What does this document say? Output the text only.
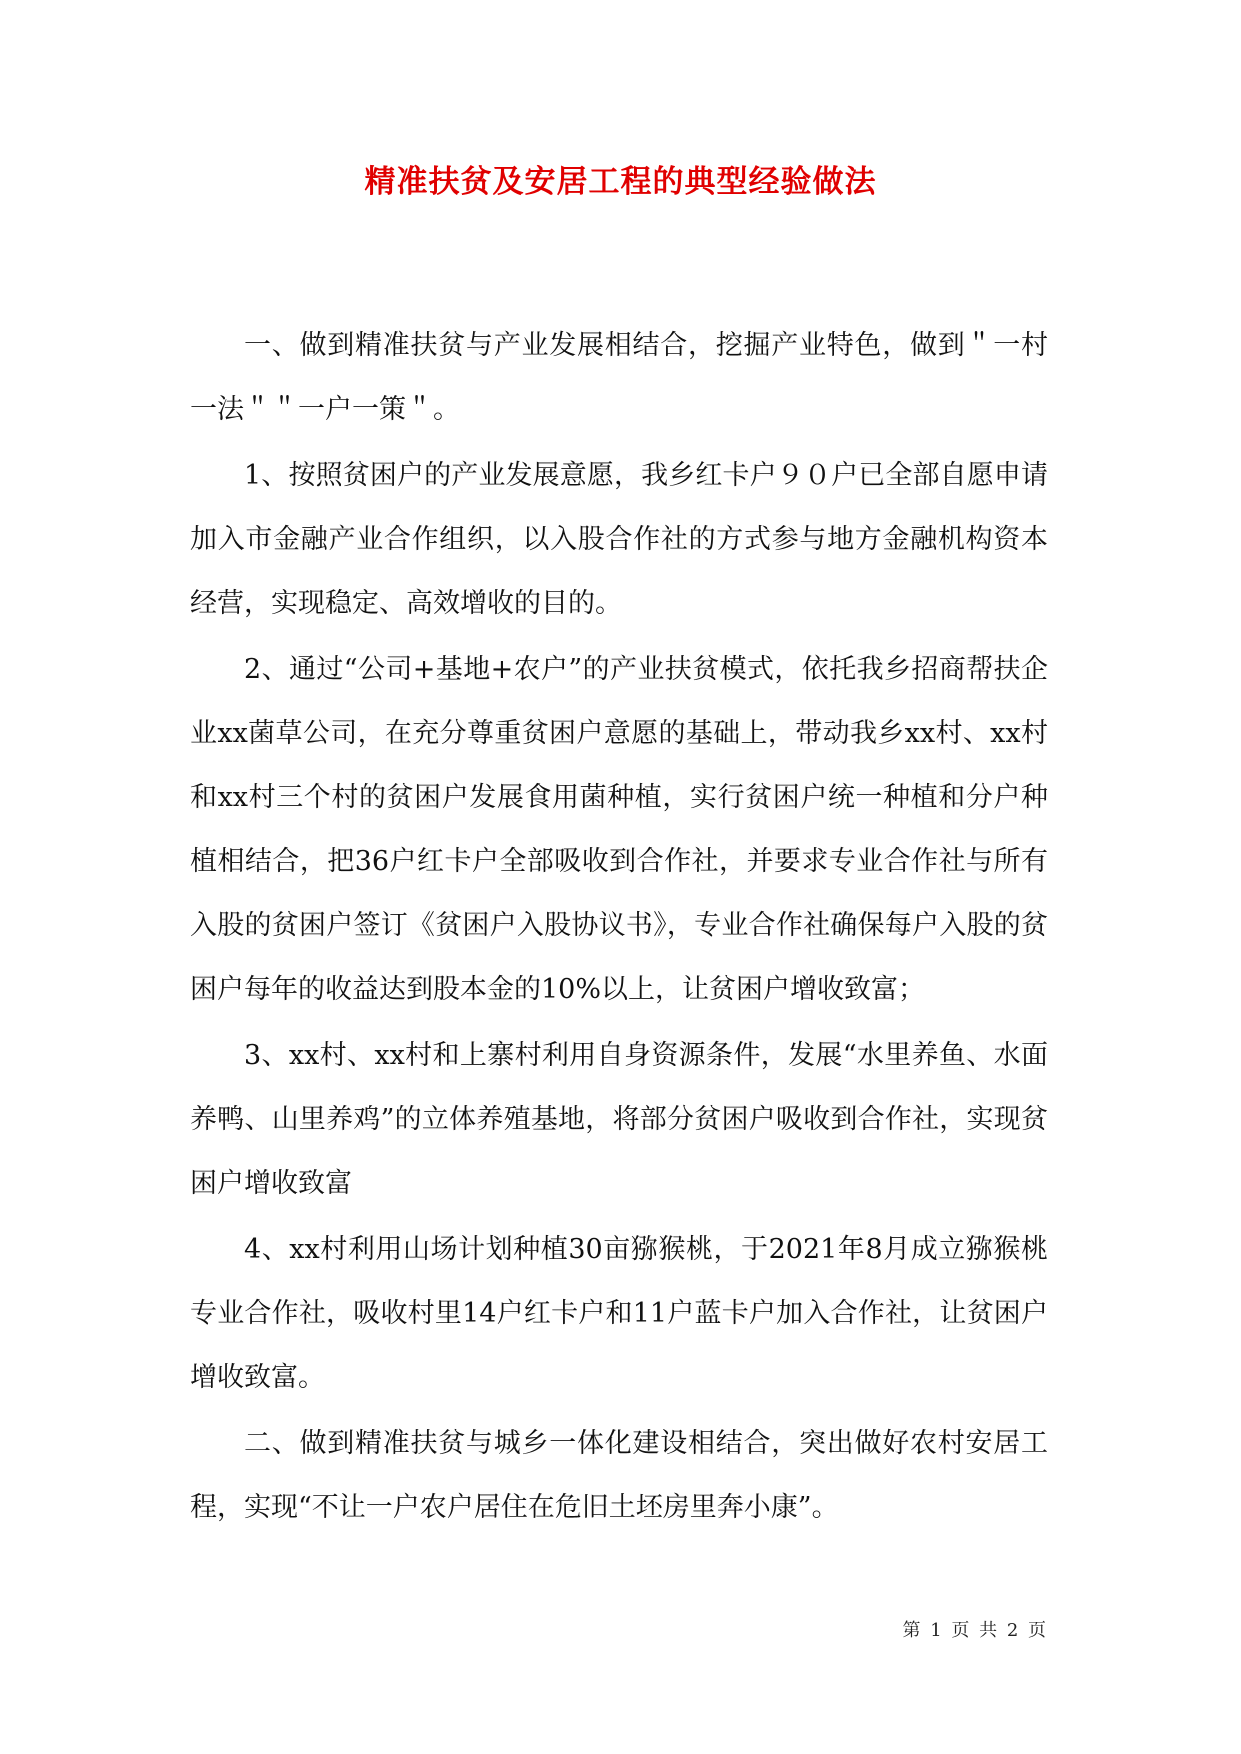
精准扶贫及安居工程的典型经验做法

一、做到精准扶贫与产业发展相结合，挖掘产业特色，做到＂一村一法＂＂一户一策＂。

1、按照贫困户的产业发展意愿，我乡红卡户９０户已全部自愿申请加入市金融产业合作组织，以入股合作社的方式参与地方金融机构资本经营，实现稳定、高效增收的目的。

2、通过“公司+基地+农户”的产业扶贫模式，依托我乡招商帮扶企业xx菌草公司，在充分尊重贫困户意愿的基础上，带动我乡xx村、xx村和xx村三个村的贫困户发展食用菌种植，实行贫困户统一种植和分户种植相结合，把36户红卡户全部吸收到合作社，并要求专业合作社与所有入股的贫困户签订《贫困户入股协议书》，专业合作社确保每户入股的贫困户每年的收益达到股本金的10%以上，让贫困户增收致富；

3、xx村、xx村和上寨村利用自身资源条件，发展“水里养鱼、水面养鸭、山里养鸡”的立体养殖基地，将部分贫困户吸收到合作社，实现贫困户增收致富

4、xx村利用山场计划种植30亩猕猴桃，于2021年8月成立猕猴桃专业合作社，吸收村里14户红卡户和11户蓝卡户加入合作社，让贫困户增收致富。

二、做到精准扶贫与城乡一体化建设相结合，突出做好农村安居工程，实现“不让一户农户居住在危旧土坯房里奔小康”。

第 1 页 共 2 页
